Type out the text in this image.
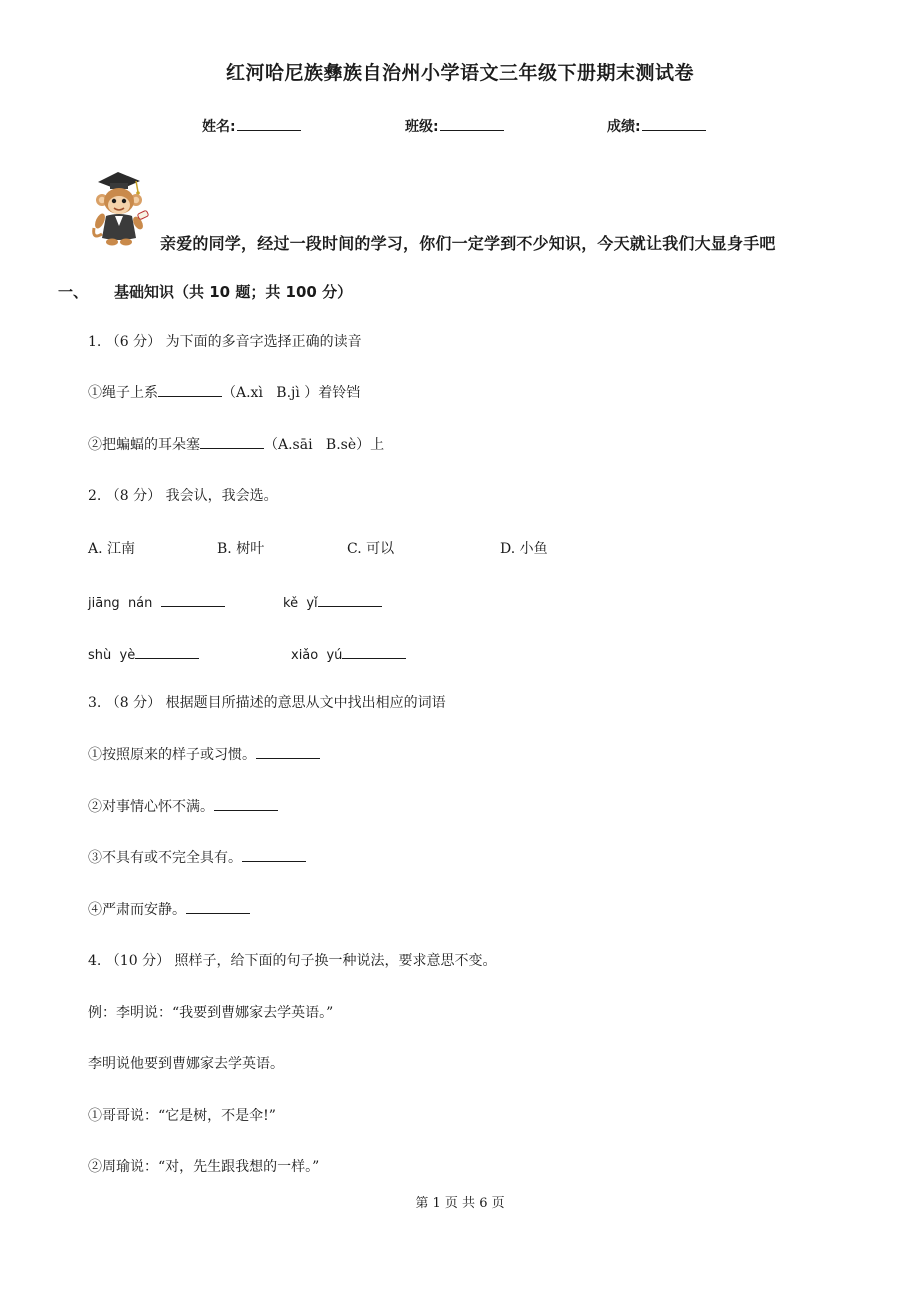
红河哈尼族彝族自治州小学语文三年级下册期末测试卷
姓名:	班级:	成绩:
亲爱的同学，经过一段时间的学习，你们一定学到不少知识，今天就让我们大显身手吧
一、 基础知识（共 10 题；共 100 分）
1. （6 分） 为下面的多音字选择正确的读音
①绳子上系	（A.xì   B.jì ）着铃铛
②把蝙蝠的耳朵塞	（A.sāi   B.sè）上
2. （8 分） 我会认，我会选。
A. 江南	B. 树叶	C. 可以	D. 小鱼
jiāng  nán	kě  yǐ
shù  yè	xiǎo  yú
3. （8 分） 根据题目所描述的意思从文中找出相应的词语
①按照原来的样子或习惯。
②对事情心怀不满。
③不具有或不完全具有。
④严肃而安静。
4. （10 分） 照样子，给下面的句子换一种说法，要求意思不变。
例：李明说：“我要到曹娜家去学英语。”
李明说他要到曹娜家去学英语。
①哥哥说：“它是树，不是伞!”
②周瑜说：“对，先生跟我想的一样。”
第 1 页 共 6 页
